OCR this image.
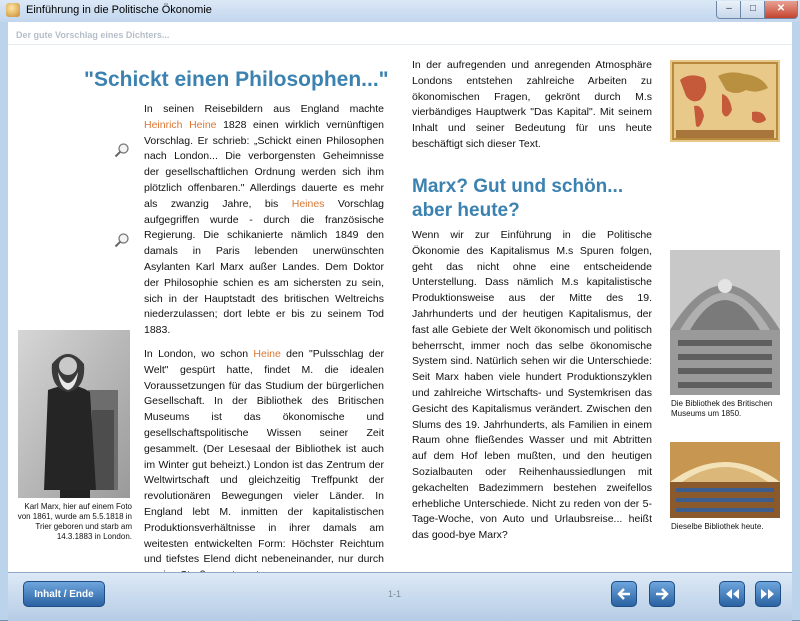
Einführung in die Politische Ökonomie	–	□	✕
Der gute Vorschlag eines Dichters...
"Schickt einen Philosophen..."

In seinen Reisebildern aus England machte Heinrich Heine 1828 einen wirklich vernünftigen Vorschlag. Er schrieb: „Schickt einen Philosophen nach London... Die verborgensten Geheimnisse der gesellschaftlichen Ordnung werden sich ihm plötzlich offenbaren." Allerdings dauerte es mehr als zwanzig Jahre, bis Heines Vorschlag aufgegriffen wurde - durch die französische Regierung. Die schikanierte nämlich 1849 den damals in Paris lebenden unerwünschten Asylanten Karl Marx außer Landes. Dem Doktor der Philosophie schien es am sichersten zu sein, sich in der Hauptstadt des britischen Weltreichs niederzulassen; dort lebte er bis zu seinem Tod 1883.

In London, wo schon Heine den "Pulsschlag der Welt" gespürt hatte, findet M. die idealen Voraussetzungen für das Studium der bürgerlichen Gesellschaft. In der Bibliothek des Britischen Museums ist das ökonomische und gesellschaftspolitische Wissen seiner Zeit gesammelt. (Der Lesesaal der Bibliothek ist auch im Winter gut beheizt.) London ist das Zentrum der Weltwirtschaft und gleichzeitig Treffpunkt der revolutionären Bewegungen vieler Länder. In England lebt M. inmitten der kapitalistischen Produktionsverhältnisse in ihrer damals am weitesten entwickelten Form: Höchster Reichtum und tiefstes Elend dicht nebeneinander, nur durch

Karl Marx, hier auf einem Foto von 1861, wurde am 5.5.1818 in Trier geboren und starb am 14.3.1883 in London.

In der aufregenden und anregenden Atmosphäre Londons entstehen zahlreiche Arbeiten zu ökonomischen Fragen, gekrönt durch M.s vierbändiges Hauptwerk "Das Kapital". Mit seinem Inhalt und seiner Bedeutung für uns heute beschäftigt sich dieser Text.

Marx? Gut und schön... aber heute?

Wenn wir zur Einführung in die Politische Ökonomie des Kapitalismus M.s Spuren folgen, geht das nicht ohne eine entscheidende Unterstellung. Dass nämlich M.s kapitalistische Produktionsweise aus der Mitte des 19. Jahrhunderts und der heutigen Kapitalismus, der fast alle Gebiete der Welt ökonomisch und politisch beherrscht, immer noch das selbe ökonomische System sind. Natürlich sehen wir die Unterschiede: Seit Marx haben viele hundert Produktionszyklen und zahlreiche Wirtschafts- und Systemkrisen das Gesicht des Kapitalismus verändert. Zwischen den Slums des 19. Jahrhunderts, als Familien in einem Raum ohne fließendes Wasser und mit Abtritten auf dem Hof leben mußten, und den heutigen Sozialbauten oder Reihenhaussiedlungen mit gekachelten Badezimmern bestehen zweifellos erhebliche Unterschiede. Nicht zu reden von der 5-Tage-Woche, von Auto und Urlaubsreise... heißt das good-bye Marx?

Die Bibliothek des Britischen Museums um 1850.
Dieselbe Bibliothek heute.
Inhalt / Ende	1-1
